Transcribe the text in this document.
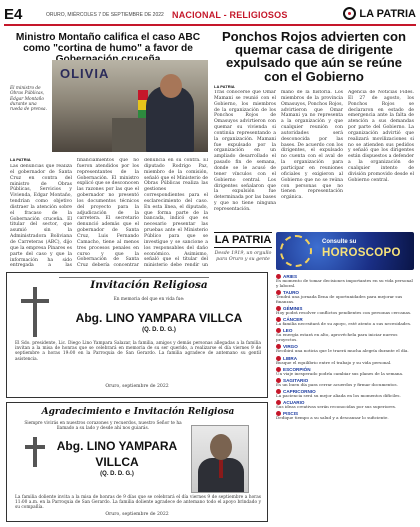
E4	ORURO, MIÉRCOLES 7 DE SEPTIEMBRE DE 2022 NACIONAL - RELIGIOSOS	LA PATRIA
Ministro Montaño califica el caso ABC como "cortina de humo" a favor de
El ministro de Obras Públicas, Edgar Montaño durante una rueda de prensa.
OLIVIA
LA PATRIA
Las denuncias que realiza el gobernador de Santa Cruz en contra del ministro de Obras Públicas, Servicios y Vivienda, Edgar Montaño, tendrían como objetivo distraer la atención sobre el fracaso de la Gobernación cruceña. El titular del sector, que asumió sin la Administradora Boliviana de Carreteras (ABC), dijo que la empresa Pinares es parte del caso y que la información ha sido entregada a las
financiamientos que no fueron atendidos por los representantes de la Gobernación. El ministro explicó que se desconocen las razones por las que el gobernador no presentó los documentos técnicos del proyecto para la adjudicación de la carretera. El secretario denunció además que el gobernador de Santa Cruz, Luis Fernando Camacho, tiene al menos tres procesos penales en curso y que la Gobernación de Santa Cruz debería concentrar
denuncia en su contra. El diputado Rodrigo Paz, miembro de la comisión, señaló que el Ministerio de Obras Públicas realiza las gestiones correspondientes para el esclarecimiento del caso. En esta línea, el diputado, que forma parte de la bancada, indicó que es necesario presentar las pruebas ante el Ministerio Público para que se investigue y se sancione a los responsables del daño económico. Asimismo, señaló que el titular del ministerio debe rendir un
Ponchos Rojos advierten con quemar casa de dirigente expulsado que aún se reúne con el Gobierno
LA PATRIA
Tras conocerse que Omar Mamani se reunió con el Gobierno, los miembros de la organización de los Ponchos Rojos de Omasuyos advirtieron con quemar su vivienda si continúa representando a la organización. Mamani fue expulsado por la organización en un ampliado desarrollado el pasado fin de semana, donde se le acusó de tener vínculos con el Gobierno central. Los dirigentes señalaron que la expulsión fue determinada por las bases y que no tiene ninguna representación.
mano de la historia. Los miembros de la provincia Omasuyos, Ponchos Rojos, advirtieron que Omar Mamani ya no representa a la organización y que cualquier reunión con autoridades será desconocida por las bases. De acuerdo con los dirigentes, el expulsado no cuenta con el aval de la organización para participar en reuniones oficiales y exigieron al Gobierno que no se reúna con personas que no tienen representación orgánica.
Agencia de Noticias Fides. El 27 de agosto, los Ponchos Rojos se declararon en estado de emergencia ante la falta de atención a sus demandas por parte del Gobierno. La organización advirtió que realizará movilizaciones si no se atienden sus pedidos y señaló que los dirigentes están dispuestos a defender a la organización de cualquier intento de división promovido desde el Gobierno central.
LA PATRIA
Desde 1919, un orgullo para Oruro y su gente
Consulte su
HOROSCOPO
ARIES
Es momento de tomar decisiones importantes en su vida personal y laboral.
TAURO
Tendrá una jornada llena de oportunidades para mejorar sus finanzas.
GÉMINIS
Hoy podrá resolver conflictos pendientes con personas cercanas.
CÁNCER
La familia necesitará de su apoyo, esté atento a sus necesidades.
LEO
Su energía estará en alto, aprovéchela para iniciar nuevos proyectos.
VIRGO
Recibirá una noticia que le traerá mucha alegría durante el día.
LIBRA
Busque el equilibrio entre el trabajo y su vida personal.
ESCORPIÓN
Un viaje inesperado podría cambiar sus planes de la semana.
SAGITARIO
Es un buen día para cerrar acuerdos y firmar documentos.
CAPRICORNIO
La paciencia será su mejor aliada en los momentos difíciles.
ACUARIO
Sus ideas creativas serán reconocidas por sus superiores.
PISCIS
Dedique tiempo a su salud y a descansar lo suficiente.
Invitación Religiosa
En memoria del que en vida fue:
Abg. LINO YAMPARA VILLCA
(Q. D. D. G.)
El Sdo. presidente, Lic. Diego Lino Yampara Salazar, la familia, amigos y demás personas allegadas a la familia invitan a la misa de honras que se celebrará en memoria de su ser querido, a realizarse el día viernes 9 de septiembre a horas 19:00 en la Parroquia de San Gerardo. La familia agradece de antemano su gentil asistencia.
Oruro, septiembre de 2022
Agradecimiento e Invitación Religiosa
Siempre vivirás en nuestros corazones y recuerdos, nuestro Señor te ha llamado a su lado y desde ahí nos guiarás.
Abg. LINO YAMPARA
VILLCA
(Q. D. D. G.)
La familia doliente invita a la misa de honras de 9 días que se celebrará el día viernes 9 de septiembre a horas 11:00 a.m. en la Parroquia de San Gerardo. La familia doliente agradece de antemano todo el apoyo brindado y su compañía.
Oruro, septiembre de 2022
